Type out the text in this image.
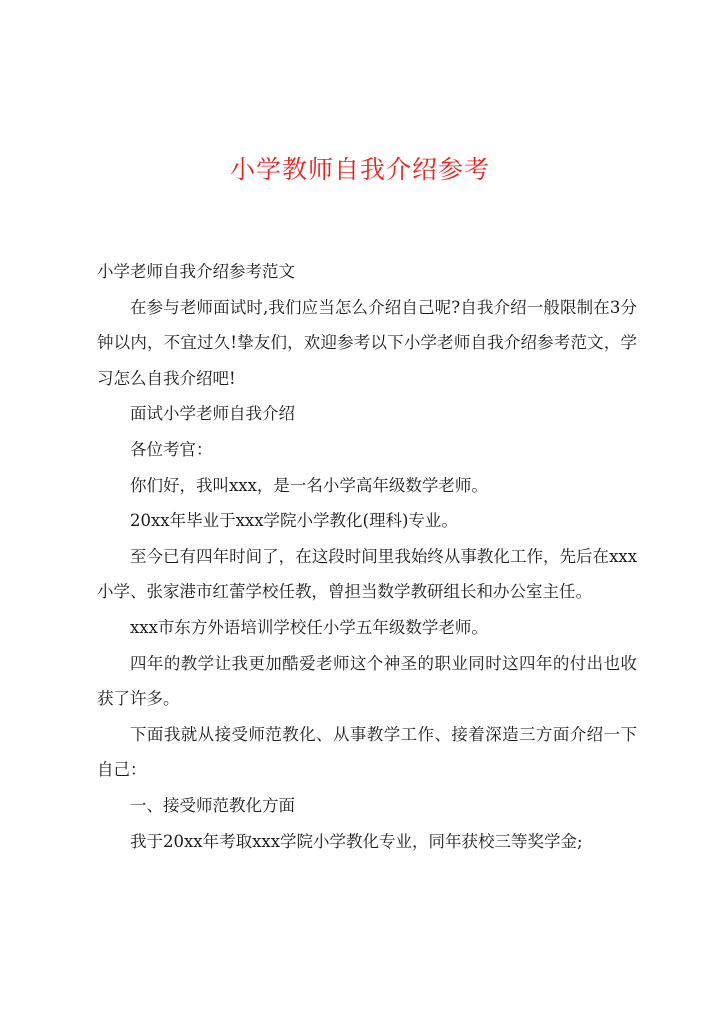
小学教师自我介绍参考
小学老师自我介绍参考范文

在参与老师面试时,我们应当怎么介绍自己呢?自我介绍一般限制在3分钟以内，不宜过久!挚友们，欢迎参考以下小学老师自我介绍参考范文，学习怎么自我介绍吧!

面试小学老师自我介绍
各位考官：
你们好，我叫xxx，是一名小学高年级数学老师。
20xx年毕业于xxx学院小学教化(理科)专业。

至今已有四年时间了，在这段时间里我始终从事教化工作，先后在xxx小学、张家港市红蕾学校任教，曾担当数学教研组长和办公室主任。

xxx市东方外语培训学校任小学五年级数学老师。

四年的教学让我更加酷爱老师这个神圣的职业同时这四年的付出也收获了许多。

下面我就从接受师范教化、从事教学工作、接着深造三方面介绍一下自己：

一、接受师范教化方面
我于20xx年考取xxx学院小学教化专业，同年获校三等奖学金;
